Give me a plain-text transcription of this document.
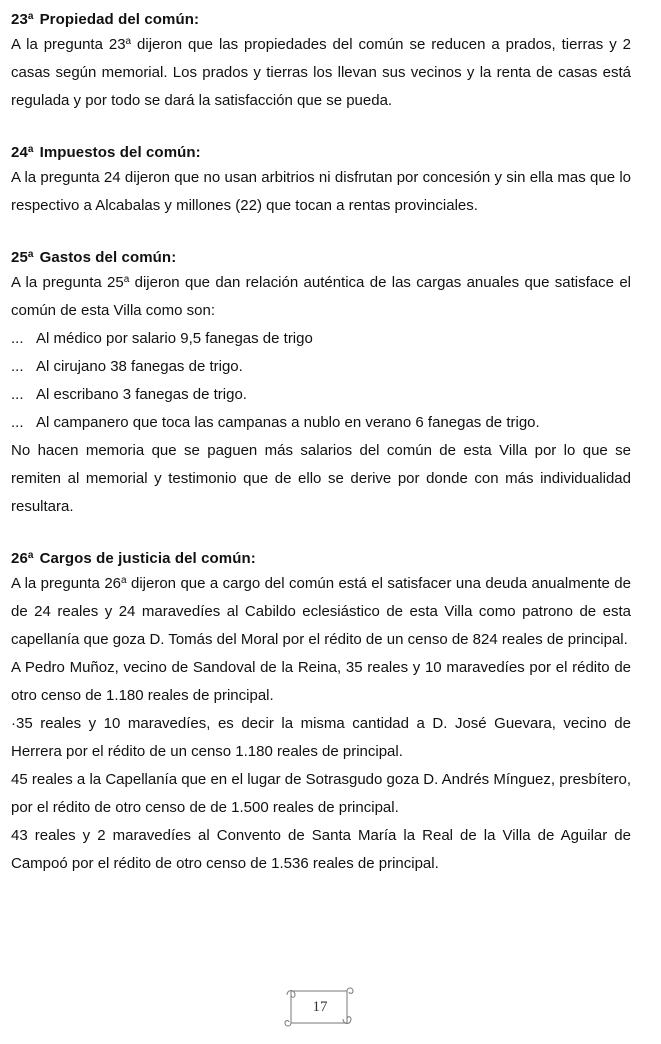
23$^a$ Propiedad del común:
A la pregunta 23$^a$ dijeron que las propiedades del común se reducen a prados, tierras y 2 casas según memorial. Los prados y tierras los llevan sus vecinos y la renta de casas está regulada y por todo se dará la satisfacción que se pueda.
24$^a$ Impuestos del común:
A la pregunta 24 dijeron que no usan arbitrios ni disfrutan por concesión y sin ella mas que lo respectivo a Alcabalas y millones (22) que tocan a rentas provinciales.
25$^a$ Gastos del común:
A la pregunta 25$^a$ dijeron que dan relación auténtica de las cargas anuales que satisface el común de esta Villa como son:
... Al médico por salario 9,5 fanegas de trigo
... Al cirujano 38 fanegas de trigo.
... Al escribano 3 fanegas de trigo.
... Al campanero que toca las campanas a nublo en verano 6 fanegas de trigo.
No hacen memoria que se paguen más salarios del común de esta Villa por lo que se remiten al memorial y testimonio que de ello se derive por donde con más individualidad resultara.
26$^a$ Cargos de justicia del común:
A la pregunta 26$^a$ dijeron que a cargo del común está el satisfacer una deuda anualmente de de 24 reales y 24 maravedíes al Cabildo eclesiástico de esta Villa como patrono de esta capellanía que goza D. Tomás del Moral por el rédito de un censo de 824 reales de principal.
A Pedro Muñoz, vecino de Sandoval de la Reina, 35 reales y 10 maravedíes por el rédito de otro censo de 1.180 reales de principal.
·35 reales y 10 maravedíes, es decir la misma cantidad a D. José Guevara, vecino de Herrera por el rédito de un censo 1.180 reales de principal.
45 reales a la Capellanía que en el lugar de Sotrasgudo goza D. Andrés Mínguez, presbítero, por el rédito de otro censo de de 1.500 reales de principal.
43 reales y 2 maravedíes al Convento de Santa María la Real de la Villa de Aguilar de Campoó por el rédito de otro censo de 1.536 reales de principal.
17
